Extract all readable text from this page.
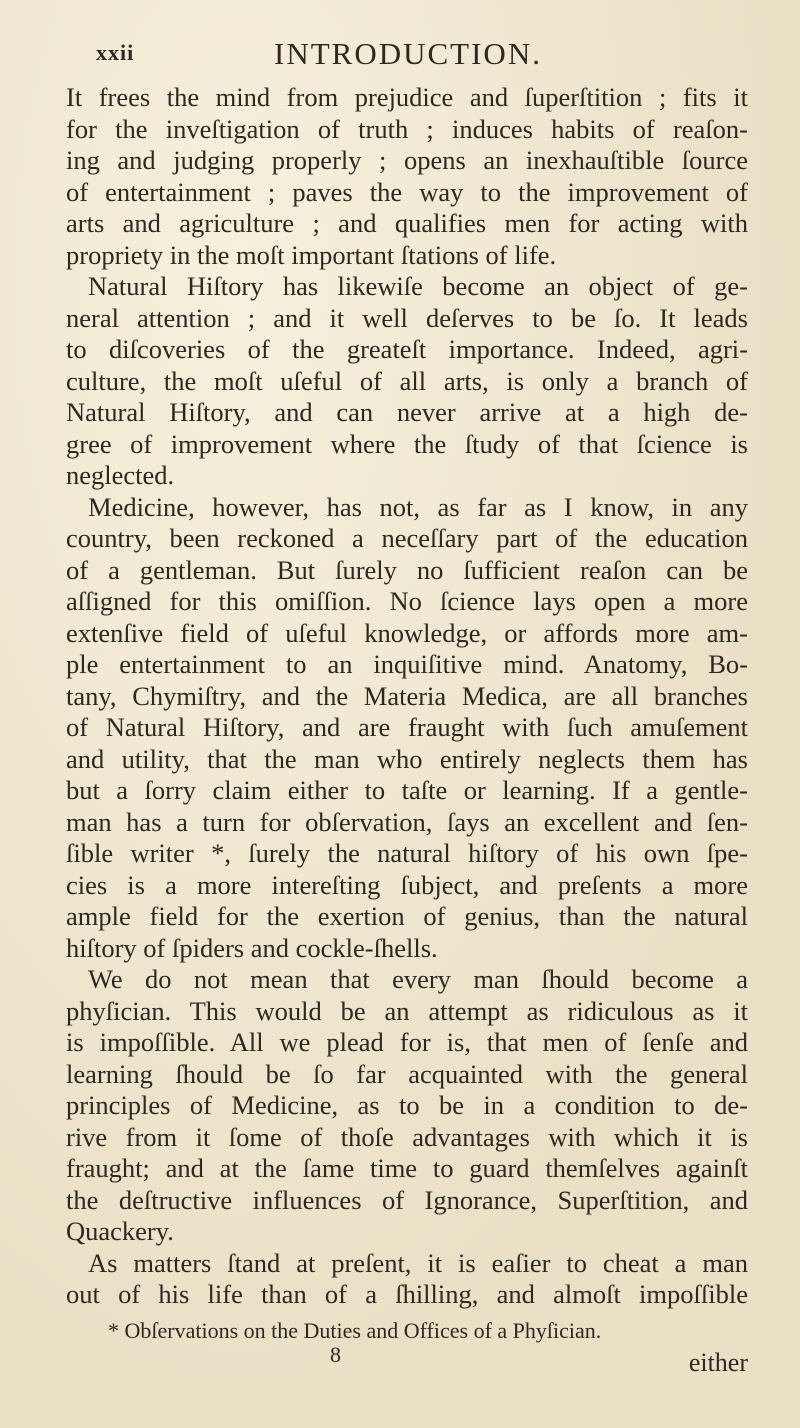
xxii	INTRODUCTION.
It frees the mind from prejudice and ſuperſtition ; fits it
for the inveſtigation of truth ; induces habits of reaſon-
ing and judging properly ; opens an inexhauſtible ſource
of entertainment ; paves the way to the improvement of
arts and agriculture ; and qualifies men for acting with
propriety in the moſt important ſtations of life.
Natural Hiſtory has likewiſe become an object of ge-
neral attention ; and it well deſerves to be ſo. It leads
to diſcoveries of the greateſt importance. Indeed, agri-
culture, the moſt uſeful of all arts, is only a branch of
Natural Hiſtory, and can never arrive at a high de-
gree of improvement where the ſtudy of that ſcience is
neglected.
Medicine, however, has not, as far as I know, in any
country, been reckoned a neceſſary part of the education
of a gentleman. But ſurely no ſufficient reaſon can be
aſſigned for this omiſſion. No ſcience lays open a more
extenſive field of uſeful knowledge, or affords more am-
ple entertainment to an inquiſitive mind. Anatomy, Bo-
tany, Chymiſtry, and the Materia Medica, are all branches
of Natural Hiſtory, and are fraught with ſuch amuſement
and utility, that the man who entirely neglects them has
but a ſorry claim either to taſte or learning. If a gentle-
man has a turn for obſervation, ſays an excellent and ſen-
ſible writer *, ſurely the natural hiſtory of his own ſpe-
cies is a more intereſting ſubject, and preſents a more
ample field for the exertion of genius, than the natural
hiſtory of ſpiders and cockle-ſhells.
We do not mean that every man ſhould become a
phyſician. This would be an attempt as ridiculous as it
is impoſſible. All we plead for is, that men of ſenſe and
learning ſhould be ſo far acquainted with the general
principles of Medicine, as to be in a condition to de-
rive from it ſome of thoſe advantages with which it is
fraught; and at the ſame time to guard themſelves againſt
the deſtructive influences of Ignorance, Superſtition, and
Quackery.
As matters ſtand at preſent, it is eaſier to cheat a man
out of his life than of a ſhilling, and almoſt impoſſible
* Obſervations on the Duties and Offices of a Phyſician.
8	either
